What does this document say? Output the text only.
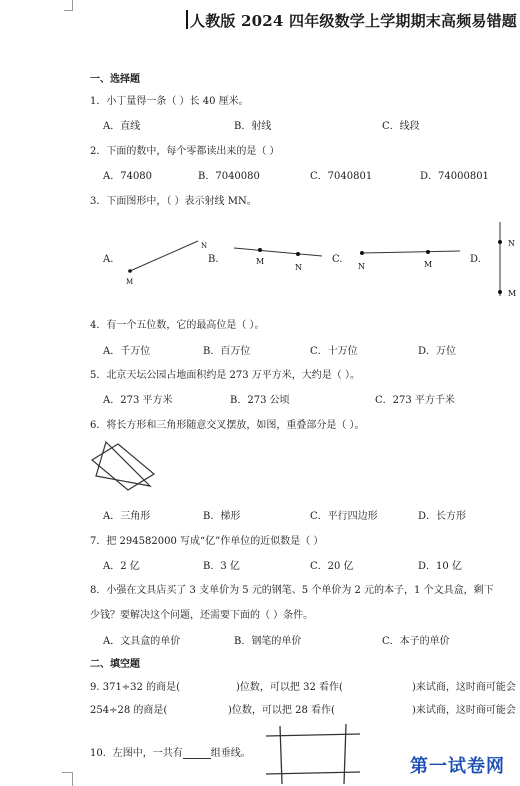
人教版 2024 四年级数学上学期期末高频易错题
一、选择题
1．小丁量得一条（ ）长 40 厘米。
A．直线	B．射线	C．线段
2．下面的数中，每个零都读出来的是（ ）
A．74080	B．7040080	C．7040801	D．74000801
3．下面图形中，（ ）表示射线 MN。
A.	B.	C.	D.
M
N
M
N	N	M
N
M
4．有一个五位数，它的最高位是（ ）。
A．千万位	B．百万位	C．十万位	D．万位
5．北京天坛公园占地面积约是 273 万平方米，大约是（ ）。
A．273 平方米	B．273 公顷	C．273 平方千米
6．将长方形和三角形随意交叉摆放，如图，重叠部分是（ ）。
A．三角形	B．梯形	C．平行四边形	D．长方形
7．把 294582000 写成“亿”作单位的近似数是（ ）
A．2 亿	B．3 亿	C．20 亿	D．10 亿
8．小强在文具店买了 3 支单价为 5 元的钢笔、5 个单价为 2 元的本子，1 个文具盒，剩下
少钱？要解决这个问题，还需要下面的（ ）条件。
A．文具盒的单价	B．钢笔的单价	C．本子的单价
二、填空题
9. 371÷32 的商是(	)位数，可以把 32 看作(	)来试商，这时商可能会
254÷28 的商是(	)位数，可以把 28 看作(	)来试商，这时商可能会
10．左图中，一共有	组垂线。
第一试卷网
